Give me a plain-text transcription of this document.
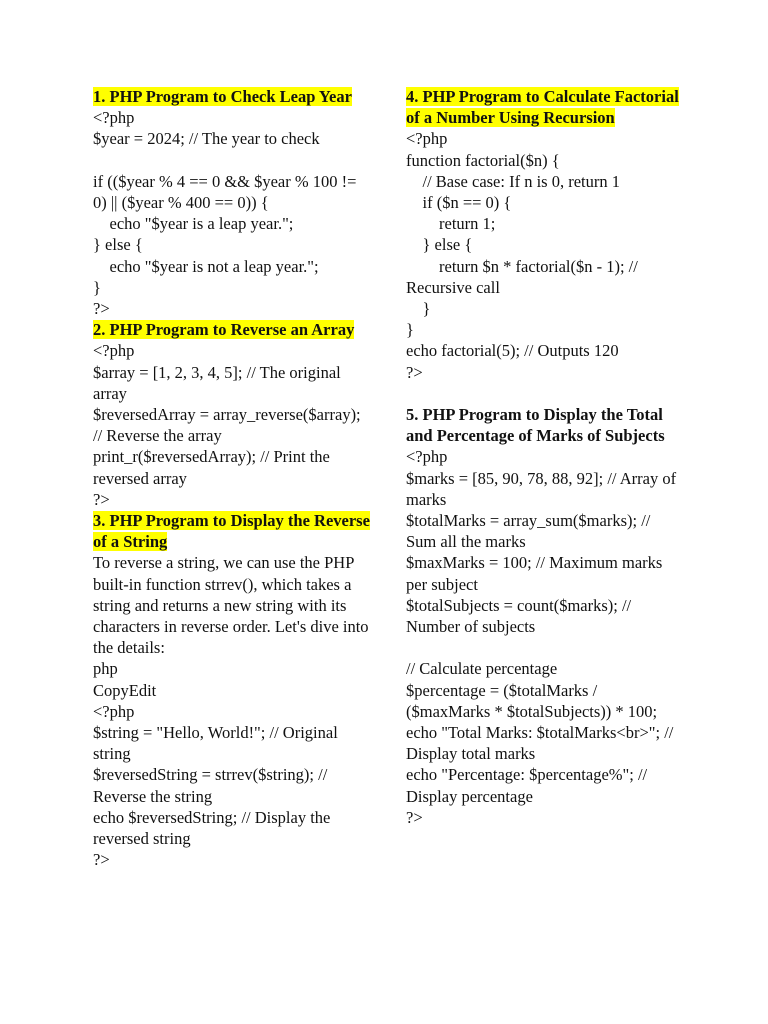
1. PHP Program to Check Leap Year

<?php

$year = 2024; // The year to check

if (($year % 4 == 0 && $year % 100 != 0) || ($year % 400 == 0)) {

echo "$year is a leap year.";

} else {

echo "$year is not a leap year.";

}

?>

2. PHP Program to Reverse an Array

<?php

$array = [1, 2, 3, 4, 5]; // The original array

$reversedArray = array_reverse($array); // Reverse the array

print_r($reversedArray); // Print the reversed array

?>

3. PHP Program to Display the Reverse of a String

To reverse a string, we can use the PHP built-in function strrev(), which takes a string and returns a new string with its characters in reverse order. Let's dive into the details:

php

CopyEdit

<?php

$string = "Hello, World!"; // Original string

$reversedString = strrev($string); // Reverse the string

echo $reversedString; // Display the reversed string

?>

4. PHP Program to Calculate Factorial of a Number Using Recursion

<?php

function factorial($n) {

// Base case: If n is 0, return 1

if ($n == 0) {

return 1;

} else {

return $n * factorial($n - 1); // Recursive call

}

}

echo factorial(5); // Outputs 120

?>

5. PHP Program to Display the Total and Percentage of Marks of Subjects

<?php

$marks = [85, 90, 78, 88, 92]; // Array of marks

$totalMarks = array_sum($marks); // Sum all the marks

$maxMarks = 100; // Maximum marks per subject

$totalSubjects = count($marks); // Number of subjects

// Calculate percentage

$percentage = ($totalMarks / ($maxMarks * $totalSubjects)) * 100;

echo "Total Marks: $totalMarks<br>"; // Display total marks

echo "Percentage: $percentage%"; // Display percentage

?>
